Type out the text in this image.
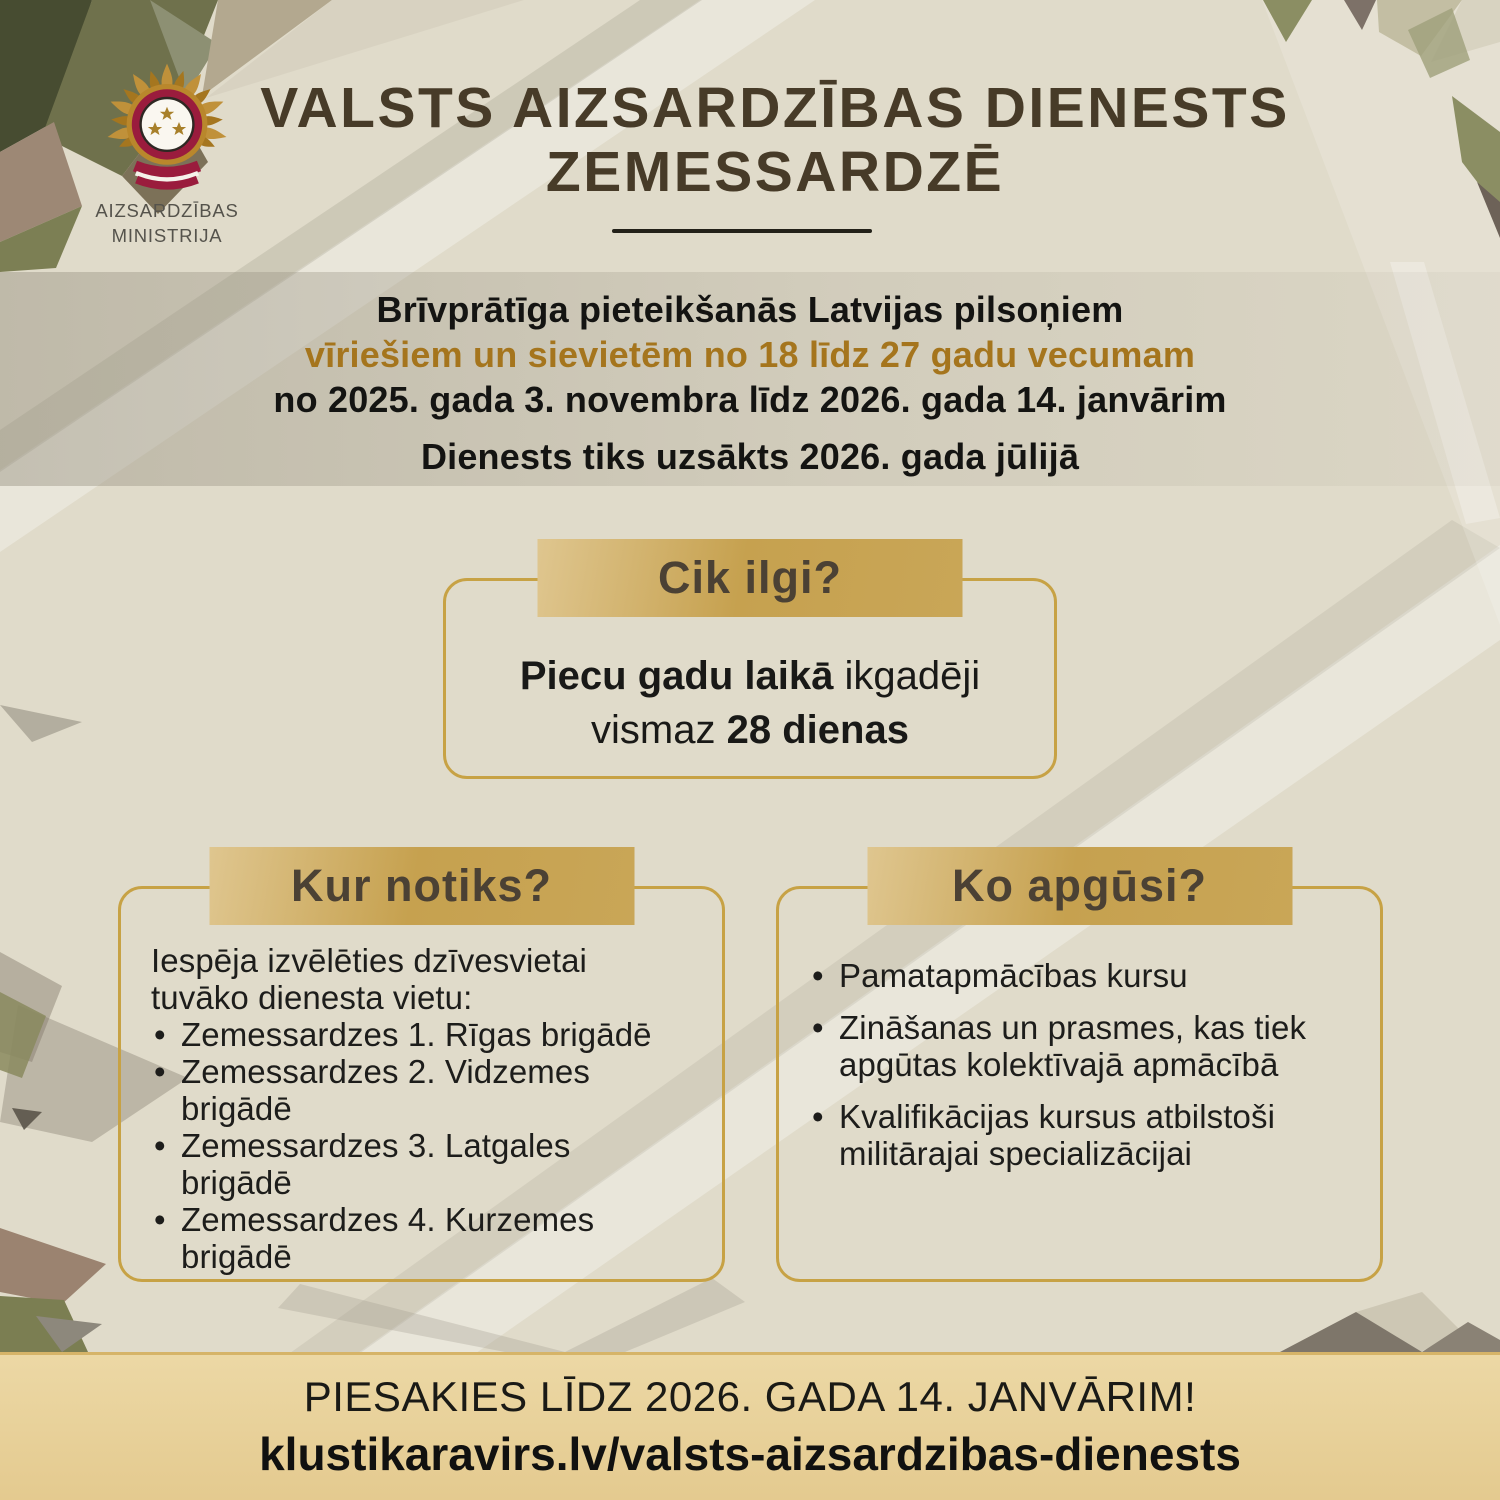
AIZSARDZĪBAS
MINISTRIJA
VALSTS AIZSARDZĪBAS DIENESTS
ZEMESSARDZĒ
Brīvprātīga pieteikšanās Latvijas pilsoņiem
vīriešiem un sievietēm no 18 līdz 27 gadu vecumam
no 2025. gada 3. novembra līdz 2026. gada 14. janvārim
Dienests tiks uzsākts 2026. gada jūlijā
Cik ilgi?
Piecu gadu laikā ikgadēji
vismaz 28 dienas
Kur notiks?

Iespēja izvēlēties dzīvesvietai tuvāko dienesta vietu:

• Zemessardzes 1. Rīgas brigādē
• Zemessardzes 2. Vidzemes brigādē
• Zemessardzes 3. Latgales brigādē
• Zemessardzes 4. Kurzemes brigādē
Ko apgūsi?
• Pamatapmācības kursu
• Zināšanas un prasmes, kas tiek apgūtas kolektīvajā apmācībā
• Kvalifikācijas kursus atbilstoši militārajai specializācijai
PIESAKIES LĪDZ 2026. GADA 14. JANVĀRIM!
klustikaravirs.lv/valsts-aizsardzibas-dienests
